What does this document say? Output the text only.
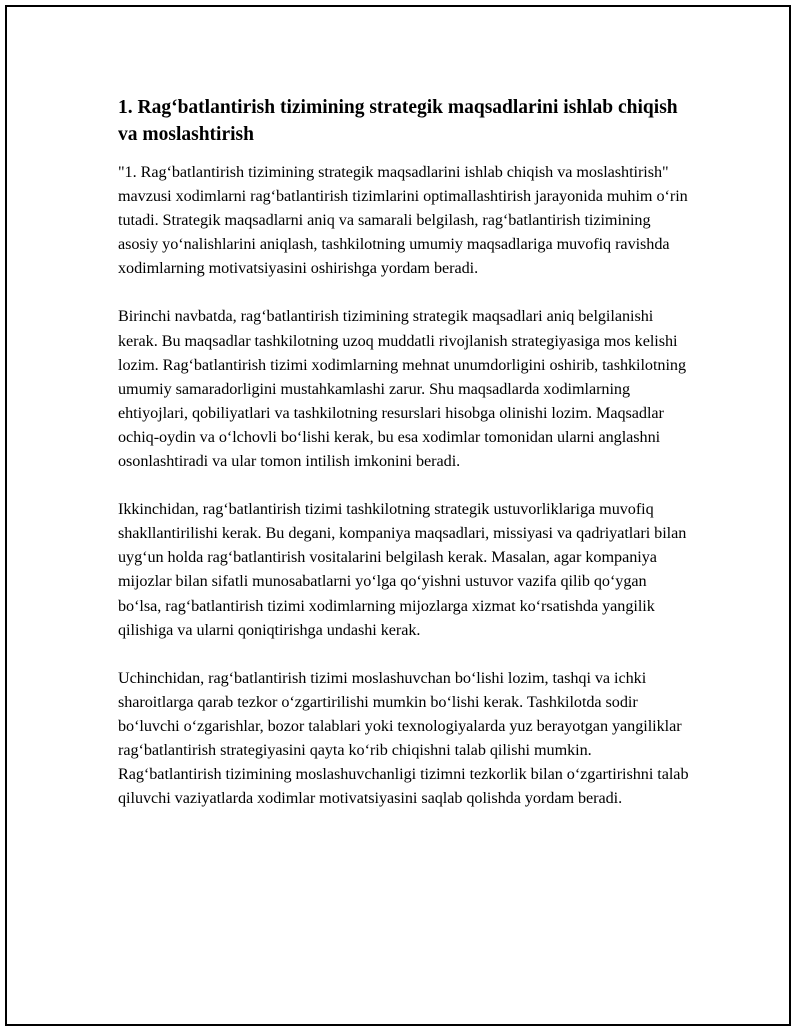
1. Rag‘batlantirish tizimining strategik maqsadlarini ishlab chiqish va moslashtirish

"1. Rag‘batlantirish tizimining strategik maqsadlarini ishlab chiqish va moslashtirish" mavzusi xodimlarni rag‘batlantirish tizimlarini optimallashtirish jarayonida muhim o‘rin tutadi. Strategik maqsadlarni aniq va samarali belgilash, rag‘batlantirish tizimining asosiy yo‘nalishlarini aniqlash, tashkilotning umumiy maqsadlariga muvofiq ravishda xodimlarning motivatsiyasini oshirishga yordam beradi.

Birinchi navbatda, rag‘batlantirish tizimining strategik maqsadlari aniq belgilanishi kerak. Bu maqsadlar tashkilotning uzoq muddatli rivojlanish strategiyasiga mos kelishi lozim. Rag‘batlantirish tizimi xodimlarning mehnat unumdorligini oshirib, tashkilotning umumiy samaradorligini mustahkamlashi zarur. Shu maqsadlarda xodimlarning ehtiyojlari, qobiliyatlari va tashkilotning resurslari hisobga olinishi lozim. Maqsadlar ochiq-oydin va o‘lchovli bo‘lishi kerak, bu esa xodimlar tomonidan ularni anglashni osonlashtiradi va ular tomon intilish imkonini beradi.

Ikkinchidan, rag‘batlantirish tizimi tashkilotning strategik ustuvorliklariga muvofiq shakllantirilishi kerak. Bu degani, kompaniya maqsadlari, missiyasi va qadriyatlari bilan uyg‘un holda rag‘batlantirish vositalarini belgilash kerak. Masalan, agar kompaniya mijozlar bilan sifatli munosabatlarni yo‘lga qo‘yishni ustuvor vazifa qilib qo‘ygan bo‘lsa, rag‘batlantirish tizimi xodimlarning mijozlarga xizmat ko‘rsatishda yangilik qilishiga va ularni qoniqtirishga undashi kerak.

Uchinchidan, rag‘batlantirish tizimi moslashuvchan bo‘lishi lozim, tashqi va ichki sharoitlarga qarab tezkor o‘zgartirilishi mumkin bo‘lishi kerak. Tashkilotda sodir bo‘luvchi o‘zgarishlar, bozor talablari yoki texnologiyalarda yuz berayotgan yangiliklar rag‘batlantirish strategiyasini qayta ko‘rib chiqishni talab qilishi mumkin. Rag‘batlantirish tizimining moslashuvchanligi tizimni tezkorlik bilan o‘zgartirishni talab qiluvchi vaziyatlarda xodimlar motivatsiyasini saqlab qolishda yordam beradi.
